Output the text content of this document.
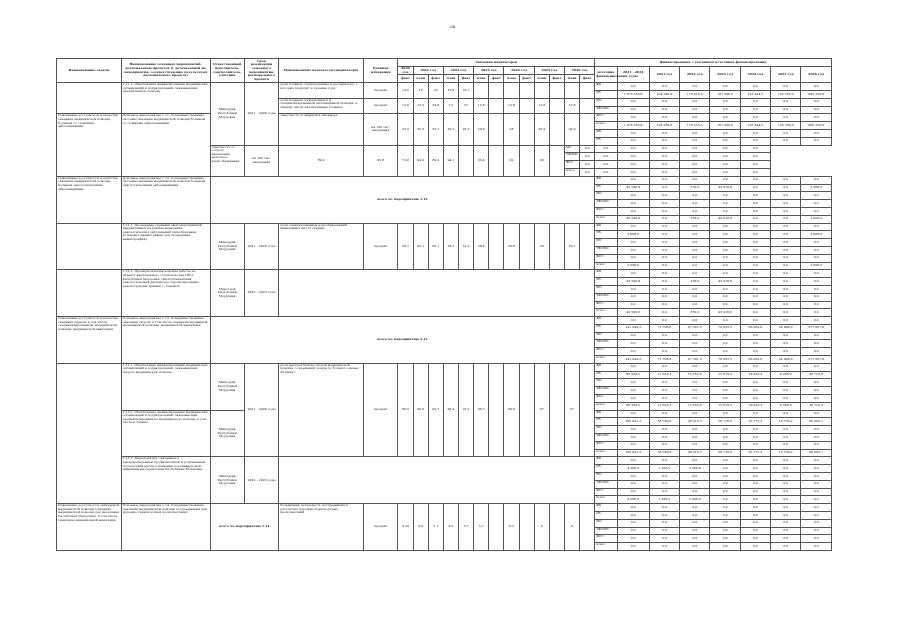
34
Наименование задачи	Наименование основных мероприятий, региональных проектов (с детализацией на мероприятия, соответствующие результатам регионального проекта)	Ответственный исполнитель, соисполнитель, участник	Срок реализации основного мероприятия, регионального проекта	Наименование показателя (индикатора)	Единица измерения	Значения индикаторов													Финансирование с указанием источника финансирования							
						2020 год	2021 год		2022 год		2023 год		2024 год		2025 год		2026 год		источник финансирования	2021 - 2024 годы	2021 год	2022 год	2023 год	2024 год	2025 год	2026 год
						факт	план	факт	план	факт	план	факт	план	факт	план	факт	план	факт								
	1.11.1. Обеспечение финансирования медицинских организаций и подразделений, оказывающих паллиативную помощь	Минздрав Республики Мордовия	2021 – 2026 годы	доля больных, подключенных к респиратору, у которых подходит в течение года	процент	14,5	18	22	13,6	22,7									ФБ	0,0	0,0	0,0	0,0	0,0	0,0	0,0
																			РБ	1 076 350,8	234 582,8	178 416,3	167 996,9	218 444,5	132 709,0	666 350,8
				доля больных, нуждающихся в специализированной паллиативной помощи, к общему числу паллиативных больных	процент	12,8	13,2	24,8	7,5	27	12,8		12,8		12,8		12,8		МС	0,0	0,0	0,0	0,0	0,0	0,0	0,0
																			ТФОМС	0,0	0,0	0,0	0,0	0,0	0,0	0,0
Повышение доступности и качества оказания медицинской помощи больным со стойкими заболеваниями	Основное мероприятие 1.11. Совершенствование системы оказания медицинской помощи больным со стойкими заболеваниями			смертность от инфаркта миокарда	на 100 тыс. населения	33,9	35,3	33,1	30,2	25,3	29,8		28		26,9		26,9		ФСС	0,0	0,0	0,0	0,0	0,0	0,0	0,0
																			всего	1 076 350,8	234 582,8	178 416,3	167 996,9	218 444,5	132 709,0	666 350,8
																			ФБ	0,0	0,0	0,0	0,0	0,0	0,0	0,0
																			РБ	0,0	0,0	0,0	0,0	0,0	0,0	0,0
		смертность от острого нарушения мозгового кровообращения	на 100 тыс. населения	89,2	95,8	73,8	94,9	89,2	94,1		93,4		92		92		МС	0,0	0,0	0,0	0,0	0,0	0,0	0,0		
																	ТФОМС	0,0	0,0	0,0	0,0	0,0	0,0	0,0		
																	ФСС	0,0	0,0	0,0	0,0	0,0	0,0	0,0		
																	всего	0,0	0,0	0,0	0,0	0,0	0,0	0,0		
Повышение доступности и качества оказания медицинской помощи больным онкологическими заболеваниями	Основное мероприятие 1.12. Совершенствование системы оказания медицинской помощи больным онкологическими заболеваниями	всего по мероприятию 1.12																	ФБ	0,0	0,0	0,0	0,0	0,0	0,0	0,0
																			РБ	45 596,8	0,0	379,0	43 918,8	0,0	0,0	2 008,0
																			МС	0,0	0,0	0,0	0,0	0,0	0,0	0,0
																			ТФОМС	0,0	0,0	0,0	0,0	0,0	0,0	0,0
																			ФСС	0,0	0,0	0,0	0,0	0,0	0,0	0,0
																			всего	45 596,8	0,0	379,0	43 918,8	0,0	0,0	2 008,0
	1.12.1. Проведение скрининговых мероприятий, направленных на раннее выявление онкологических заболеваний (приобретение установок маммографии для проведения маммографий)	Минздрав Республики Мордовия	2021 – 2026 годы	доля злокачественных новообразований, выявленных на I-II стадиях	процент	58,7	60,1	60,1	58,3	61,2	59,4		59,8		59		59,1		ФБ	0,0	0,0	0,0	0,0	0,0	0,0	0,0
																			РБ	2 008,0	0,0	0,0	0,0	0,0	0,0	2 008,0
																			МС	0,0	0,0	0,0	0,0	0,0	0,0	0,0
																			ТФОМС	0,0	0,0	0,0	0,0	0,0	0,0	0,0
																			ФСС	0,0	0,0	0,0	0,0	0,0	0,0	0,0
																			всего	2 008,0	0,0	0,0	0,0	0,0	0,0	2 008,0
	1.12.2. Проектно-изыскательские работы по объекту капитального строительства ГБУЗ Республики Мордовия «Республиканский онкологический диспансер» (проектирование реконструкции здания) г. Саранск	Минстрой Республики Мордовия	2022 – 2023 годы																ФБ	0,0	0,0	0,0	0,0	0,0	0,0	0,0
																			РБ	43 596,8	0,0	379,0	43 918,8	0,0	0,0	0,0
																			МС	0,0	0,0	0,0	0,0	0,0	0,0	0,0
																			ТФОМС	0,0	0,0	0,0	0,0	0,0	0,0	0,0
																			ФСС	0,0	0,0	0,0	0,0	0,0	0,0	0,0
																			всего	43 596,8	0,0	379,0	43 918,8	0,0	0,0	0,0
Повышение доступности и качества оказания первой, в том числе специализированной, медицинской помощи, медицинской эвакуации	Основное мероприятие 1.13. Совершенствование оказания скорой, в том числе специализированной, медицинской помощи, медицинской эвакуации	всего по мероприятию 1.13																	ФБ	0,0	0,0	0,0	0,0	0,0	0,0	0,0
																			РБ	241 944,3	71 708,8	67 301,3	78 933,5	66 062,6	24 998,0	377 607,8
																			МС	0,0	0,0	0,0	0,0	0,0	0,0	0,0
																			ТФОМС	0,0	0,0	0,0	0,0	0,0	0,0	0,0
																			ФСС	0,0	0,0	0,0	0,0	0,0	0,0	0,0
																			всего	241 944,3	71 708,8	67 301,3	78 933,5	66 062,6	24 998,0	377 607,8
	1.13.1. Обеспечение финансирования медицинских организаций и подразделений, оказывающих скорую медицинскую помощь	Минздрав Республики Мордовия	2021 – 2026 годы	доля выездов бригад скорой медицинской помощи со временем доезда до больного менее 20 минут	процент	96,9	96,9	92,7	96,4	91,2	96,7		96,9		97		97		ФБ	0,0	0,0	0,0	0,0	0,0	0,0	0,0
																			РБ	86 684,5	11 653,3	15 263,6	15 679,3	18 053,3	6 288,9	28 752,9
																			МС	0,0	0,0	0,0	0,0	0,0	0,0	0,0
																			ТФОМС	0,0	0,0	0,0	0,0	0,0	0,0	0,0
																			ФСС	0,0	0,0	0,0	0,0	0,0	0,0	0,0
																			всего	86 684,5	11 653,3	15 263,6	15 679,3	18 053,3	6 288,9	28 752,9
	1.13.2. Обеспечение финансирования медицинских организаций и подразделений, оказывающих специализированную медицинскую помощь, в том числе в страны	Минздрав Республики Мордовия																	ФБ	0,0	0,0	0,0	0,0	0,0	0,0	0,0
																			РБ	160 641,3	58 789,9	48 318,7	58 178,0	25 775,3	18 709,2	66 005,1
																			МС	0,0	0,0	0,0	0,0	0,0	0,0	0,0
																			ТФОМС	0,0	0,0	0,0	0,0	0,0	0,0	0,0
																			ФСС	0,0	0,0	0,0	0,0	0,0	0,0	0,0
																			всего	160 641,3	58 789,9	48 318,7	58 178,0	25 775,3	18 709,2	66 005,1
	1.13.3. Мероприятия, связанные с предупреждением профилактикой и устранением последствий распространения коронавирусной инфекции на территории Республики Мордовия	Минздрав Республики Мордовия	2022 – 2023 годы																ФБ	0,0	0,0	0,0	0,0	0,0	0,0	0,0
																			РБ	4 566,8	1 265,5	3 596,8	0,0	0,0	0,0	0,0
																			МС	0,0	0,0	0,0	0,0	0,0	0,0	0,0
																			ТФОМС	0,0	0,0	0,0	0,0	0,0	0,0	0,0
																			ФСС	0,0	0,0	0,0	0,0	0,0	0,0	0,0
																			всего	4 566,8	1 265,5	3 596,8	0,0	0,0	0,0	0,0
Повышение доступности санитарной медицинской помощи (оказание медицинской помощи для населения Республики Мордовия), в том числе санитарно-авиационной эвакуации	Основное мероприятие 1.14. Совершенствование оказания медицинской помощи пострадавшим при дорожно-транспортных происшествиях	всего по мероприятию 1.14		больничная летальность пострадавших в результате дорожно-транспортных происшествий	процент	4,59	6,9	5,1	6,3	5,7	5,7		6,3		6		6		ФБ	0,0	0,0	0,0	0,0	0,0	0,0	0,0
																			РБ	0,0	0,0	0,0	0,0	0,0	0,0	0,0
																			МС	0,0	0,0	0,0	0,0	0,0	0,0	0,0
																			ТФОМС	0,0	0,0	0,0	0,0	0,0	0,0	0,0
																			ФСС	0,0	0,0	0,0	0,0	0,0	0,0	0,0
																			всего	0,0	0,0	0,0	0,0	0,0	0,0	0,0
